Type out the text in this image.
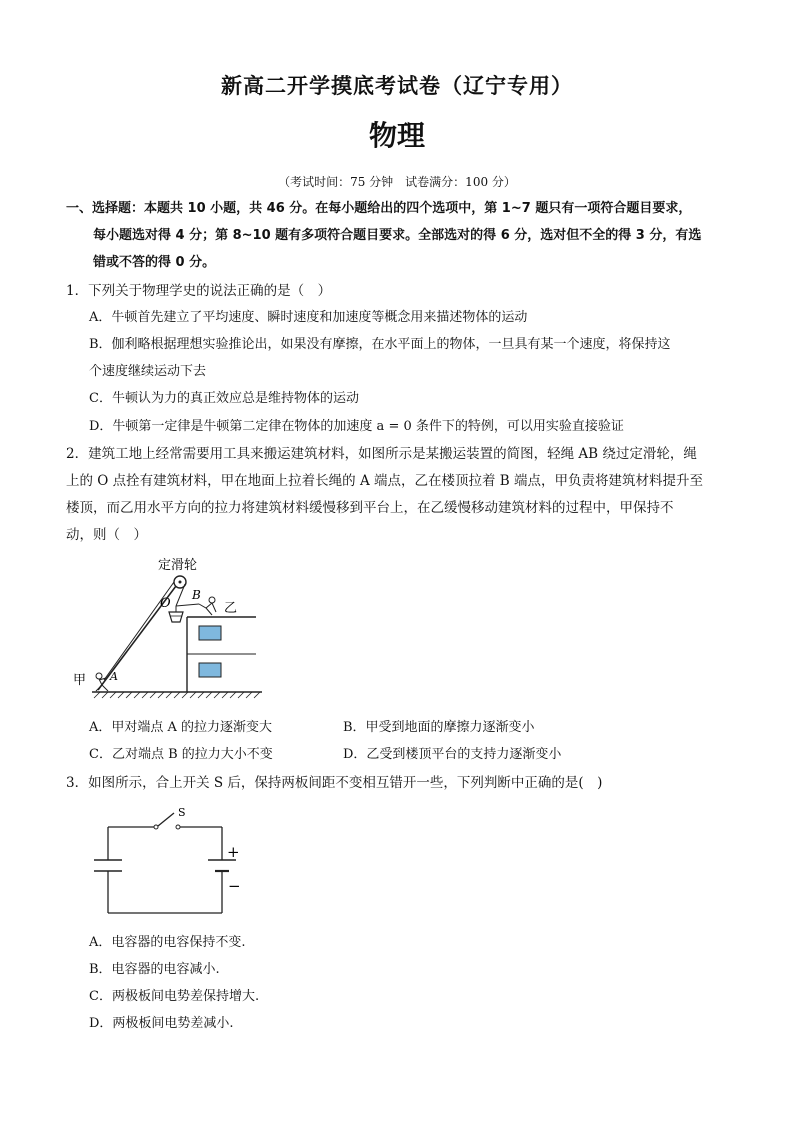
新高二开学摸底考试卷（辽宁专用）
物理
（考试时间：75 分钟　试卷满分：100 分）
一、选择题：本题共 10 小题，共 46 分。在每小题给出的四个选项中，第 1~7 题只有一项符合题目要求，
每小题选对得 4 分；第 8~10 题有多项符合题目要求。全部选对的得 6 分，选对但不全的得 3 分，有选
错或不答的得 0 分。
1．下列关于物理学史的说法正确的是（　）
A．牛顿首先建立了平均速度、瞬时速度和加速度等概念用来描述物体的运动
B．伽利略根据理想实验推论出，如果没有摩擦，在水平面上的物体，一旦具有某一个速度，将保持这
个速度继续运动下去
C．牛顿认为力的真正效应总是维持物体的运动
D．牛顿第一定律是牛顿第二定律在物体的加速度 a = 0 条件下的特例，可以用实验直接验证
2．建筑工地上经常需要用工具来搬运建筑材料，如图所示是某搬运装置的简图，轻绳 AB 绕过定滑轮，绳
上的 O 点拴有建筑材料，甲在地面上拉着长绳的 A 端点，乙在楼顶拉着 B 端点，甲负责将建筑材料提升至
楼顶，而乙用水平方向的拉力将建筑材料缓慢移到平台上，在乙缓慢移动建筑材料的过程中，甲保持不
动，则（　）
定滑轮
O
B
乙
甲 A
A．甲对端点 A 的拉力逐渐变大	B．甲受到地面的摩擦力逐渐变小
C．乙对端点 B 的拉力大小不变	D．乙受到楼顶平台的支持力逐渐变小
3．如图所示，合上开关 S 后，保持两板间距不变相互错开一些，下列判断中正确的是(　)
S
+
−
A．电容器的电容保持不变.
B．电容器的电容减小.
C．两极板间电势差保持增大.
D．两极板间电势差减小.
